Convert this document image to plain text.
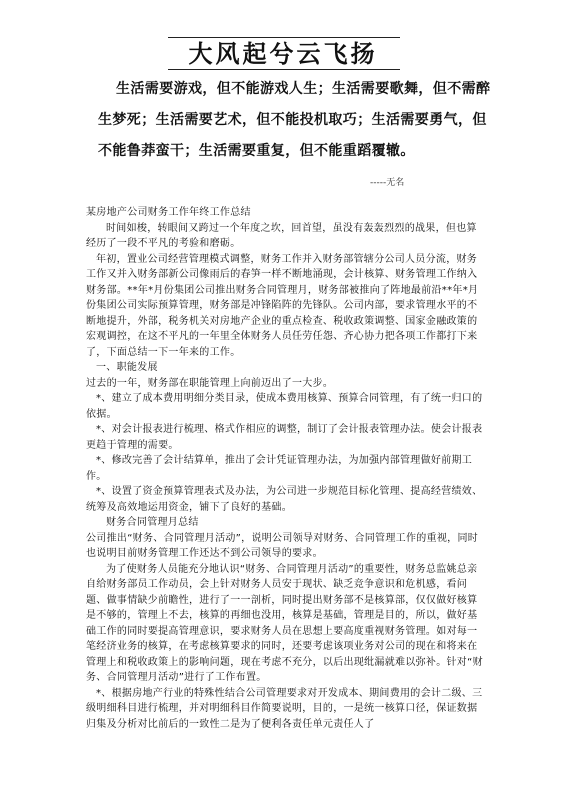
大风起兮云飞扬
生活需要游戏，但不能游戏人生；生活需要歌舞，但不需醉生梦死；生活需要艺术，但不能投机取巧；生活需要勇气，但不能鲁莽蛮干；生活需要重复，但不能重蹈覆辙。
-----无名

某房地产公司财务工作年终工作总结

时间如梭，转眼间又跨过一个年度之坎，回首望，虽没有轰轰烈烈的战果，但也算经历了一段不平凡的考验和磨砺。

年初，置业公司经营管理模式调整，财务工作并入财务部管辖分公司人员分流，财务工作又并入财务部新公司像雨后的春笋一样不断地涌现，会计核算、财务管理工作纳入财务部。**年*月份集团公司推出财务合同管理月，财务部被推向了阵地最前沿**年*月份集团公司实际预算管理，财务部是冲锋陷阵的先锋队。公司内部，要求管理水平的不断地提升，外部，税务机关对房地产企业的重点检查、税收政策调整、国家金融政策的宏观调控，在这不平凡的一年里全体财务人员任劳任怨、齐心协力把各项工作都打下来了，下面总结一下一年来的工作。

一、职能发展

过去的一年，财务部在职能管理上向前迈出了一大步。

*、建立了成本费用明细分类目录，使成本费用核算、预算合同管理，有了统一归口的依据。

*、对会计报表进行梳理、格式作相应的调整，制订了会计报表管理办法。使会计报表更趋于管理的需要。

*、修改完善了会计结算单，推出了会计凭证管理办法，为加强内部管理做好前期工作。

*、设置了资金预算管理表式及办法，为公司进一步规范目标化管理、提高经营绩效、统筹及高效地运用资金，铺下了良好的基础。

财务合同管理月总结

公司推出“财务、合同管理月活动”，说明公司领导对财务、合同管理工作的重视，同时也说明目前财务管理工作还达不到公司领导的要求。

为了使财务人员能充分地认识“财务、合同管理月活动”的重要性，财务总监姚总亲自给财务部员工作动员，会上针对财务人员安于现状、缺乏竞争意识和危机感，看问题、做事情缺少前瞻性，进行了一一剖析，同时提出财务部不是核算部，仅仅做好核算是不够的，管理上不去，核算的再细也没用，核算是基础，管理是目的，所以，做好基础工作的同时要提高管理意识，要求财务人员在思想上要高度重视财务管理。如对每一笔经济业务的核算，在考虑核算要求的同时，还要考虑该项业务对公司的现在和将来在管理上和税收政策上的影响问题，现在考虑不充分，以后出现纰漏就难以弥补。针对“财务、合同管理月活动”进行了工作布置。

*、根据房地产行业的特殊性结合公司管理要求对开发成本、期间费用的会计二级、三级明细科目进行梳理，并对明细科目作简要说明，目的，一是统一核算口径，保证数据归集及分析对比前后的一致性二是为了便利各责任单元责任人了
